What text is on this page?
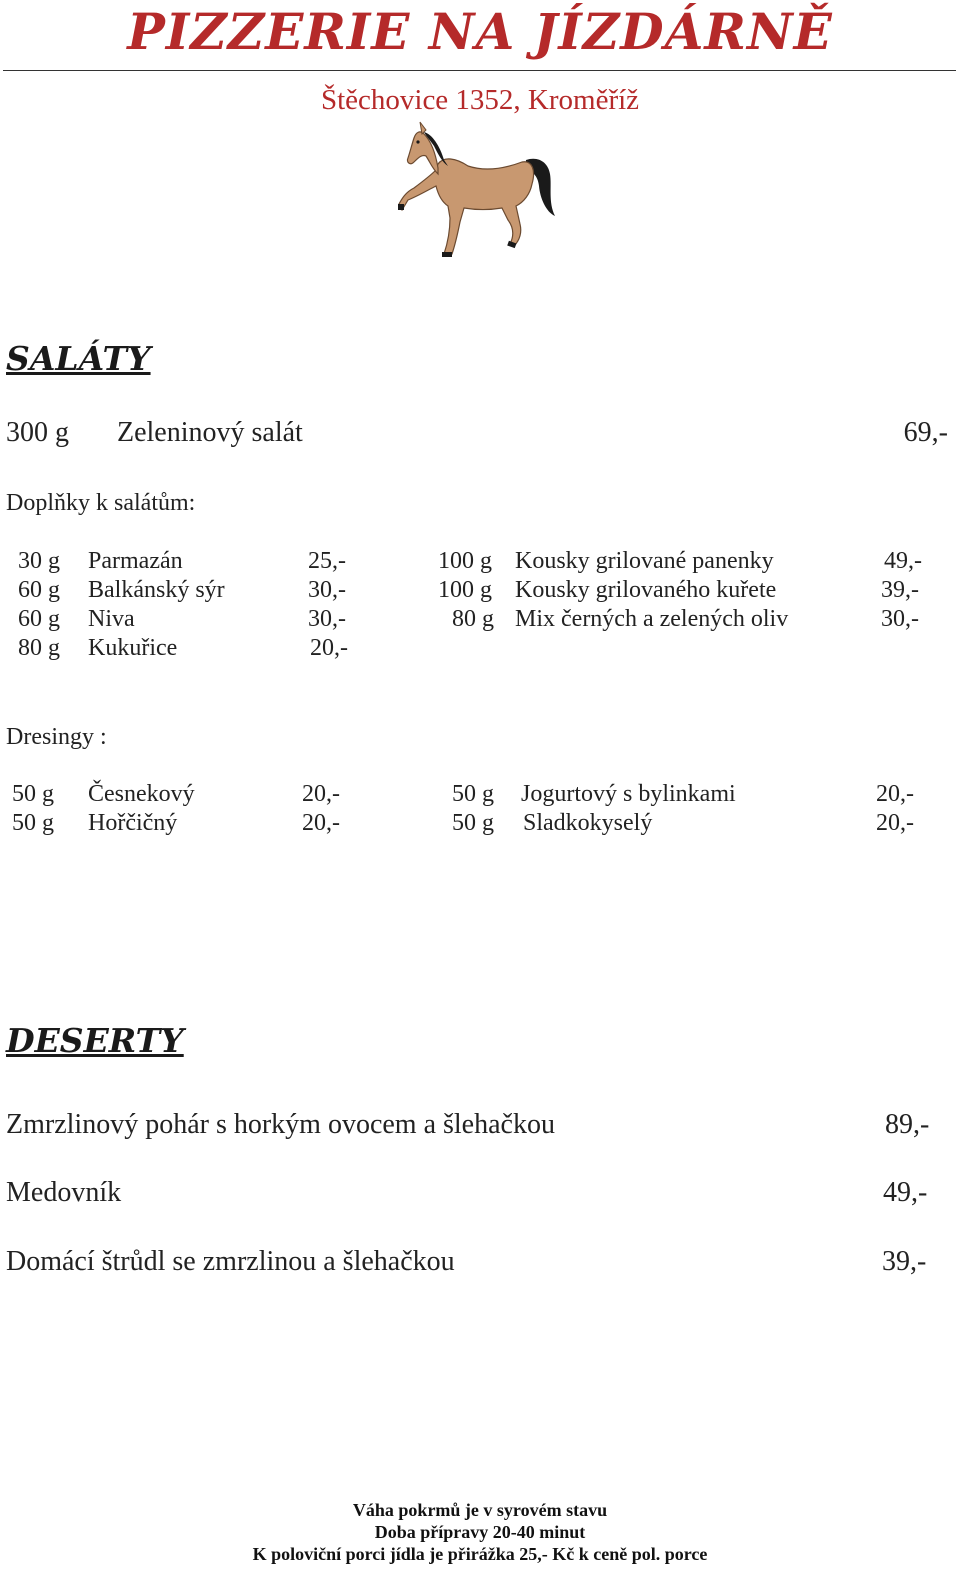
PIZZERIE NA JÍZDÁRNĚ
Štěchovice 1352, Kroměříž
SALÁTY
300 g Zeleninový salát	69,-
Doplňky k salátům:
30 g Parmazán	25,-	100 g Kousky grilované panenky	49,-
60 g Balkánský sýr	30,-	100 g Kousky grilovaného kuřete	39,-
60 g Niva	30,-	80 g Mix černých a zelených oliv	30,-
80 g Kukuřice	20,-
Dresingy :
50 g Česnekový	20,-	50 g Jogurtový s bylinkami	20,-
50 g Hořčičný	20,-	50 g Sladkokyselý	20,-
DESERTY
Zmrzlinový pohár s horkým ovocem a šlehačkou	89,-
Medovník	49,-
Domácí štrůdl se zmrzlinou a šlehačkou	39,-
Váha pokrmů je v syrovém stavu
Doba přípravy 20-40 minut
K poloviční porci jídla je přirážka 25,- Kč k ceně pol. porce
